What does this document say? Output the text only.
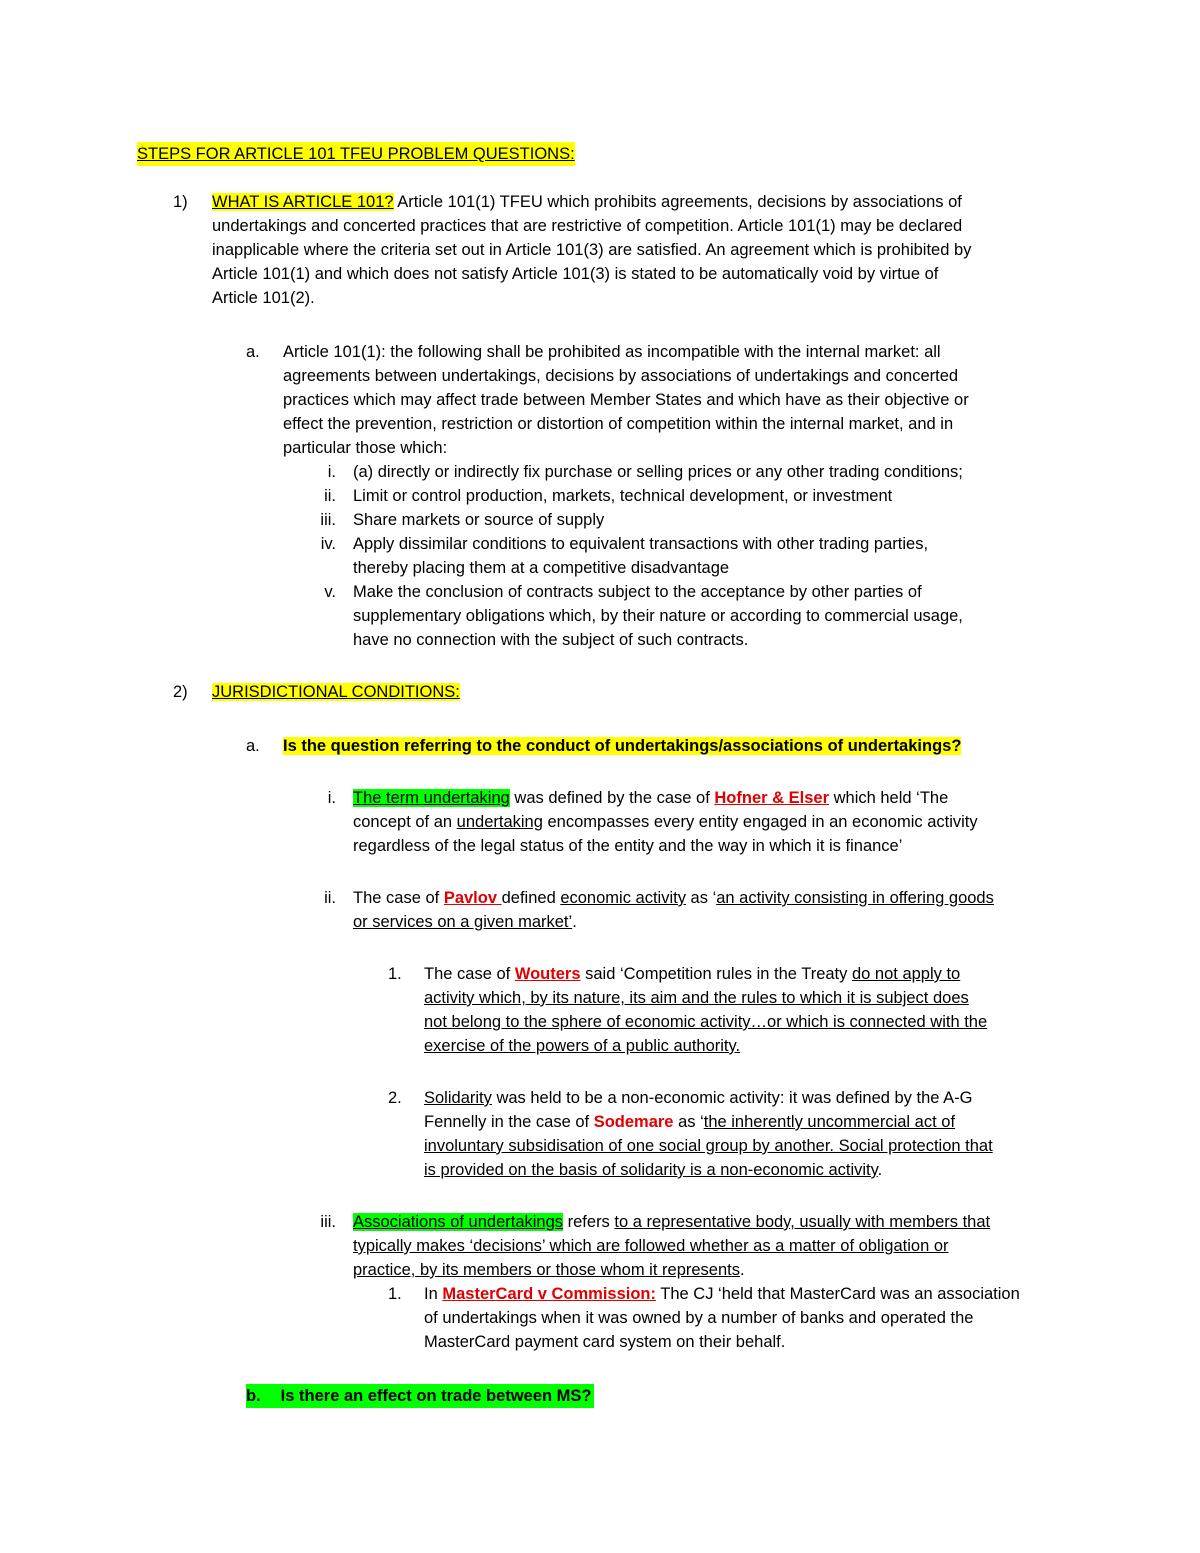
STEPS FOR ARTICLE 101 TFEU PROBLEM QUESTIONS:
1) WHAT IS ARTICLE 101? Article 101(1) TFEU which prohibits agreements, decisions by associations of
undertakings and concerted practices that are restrictive of competition. Article 101(1) may be declared
inapplicable where the criteria set out in Article 101(3) are satisfied. An agreement which is prohibited by
Article 101(1) and which does not satisfy Article 101(3) is stated to be automatically void by virtue of
Article 101(2).
a. Article 101(1): the following shall be prohibited as incompatible with the internal market: all
agreements between undertakings, decisions by associations of undertakings and concerted
practices which may affect trade between Member States and which have as their objective or
effect the prevention, restriction or distortion of competition within the internal market, and in
particular those which:
i. (a) directly or indirectly fix purchase or selling prices or any other trading conditions;
ii. Limit or control production, markets, technical development, or investment
iii. Share markets or source of supply
iv. Apply dissimilar conditions to equivalent transactions with other trading parties,
thereby placing them at a competitive disadvantage
v. Make the conclusion of contracts subject to the acceptance by other parties of
supplementary obligations which, by their nature or according to commercial usage,
have no connection with the subject of such contracts.
2) JURISDICTIONAL CONDITIONS:
a. Is the question referring to the conduct of undertakings/associations of undertakings?
i. The term undertaking was defined by the case of Hofner & Elser which held ‘The
concept of an undertaking encompasses every entity engaged in an economic activity
regardless of the legal status of the entity and the way in which it is finance’
ii. The case of Pavlov defined economic activity as ‘an activity consisting in offering goods
or services on a given market’.
1. The case of Wouters said ‘Competition rules in the Treaty do not apply to
activity which, by its nature, its aim and the rules to which it is subject does
not belong to the sphere of economic activity…or which is connected with the
exercise of the powers of a public authority.
2. Solidarity was held to be a non-economic activity: it was defined by the A-G
Fennelly in the case of Sodemare as ‘the inherently uncommercial act of
involuntary subsidisation of one social group by another. Social protection that
is provided on the basis of solidarity is a non-economic activity.
iii. Associations of undertakings refers to a representative body, usually with members that
typically makes ‘decisions’ which are followed whether as a matter of obligation or
practice, by its members or those whom it represents.
1. In MasterCard v Commission: The CJ ‘held that MasterCard was an association
of undertakings when it was owned by a number of banks and operated the
MasterCard payment card system on their behalf.
b. Is there an effect on trade between MS?
